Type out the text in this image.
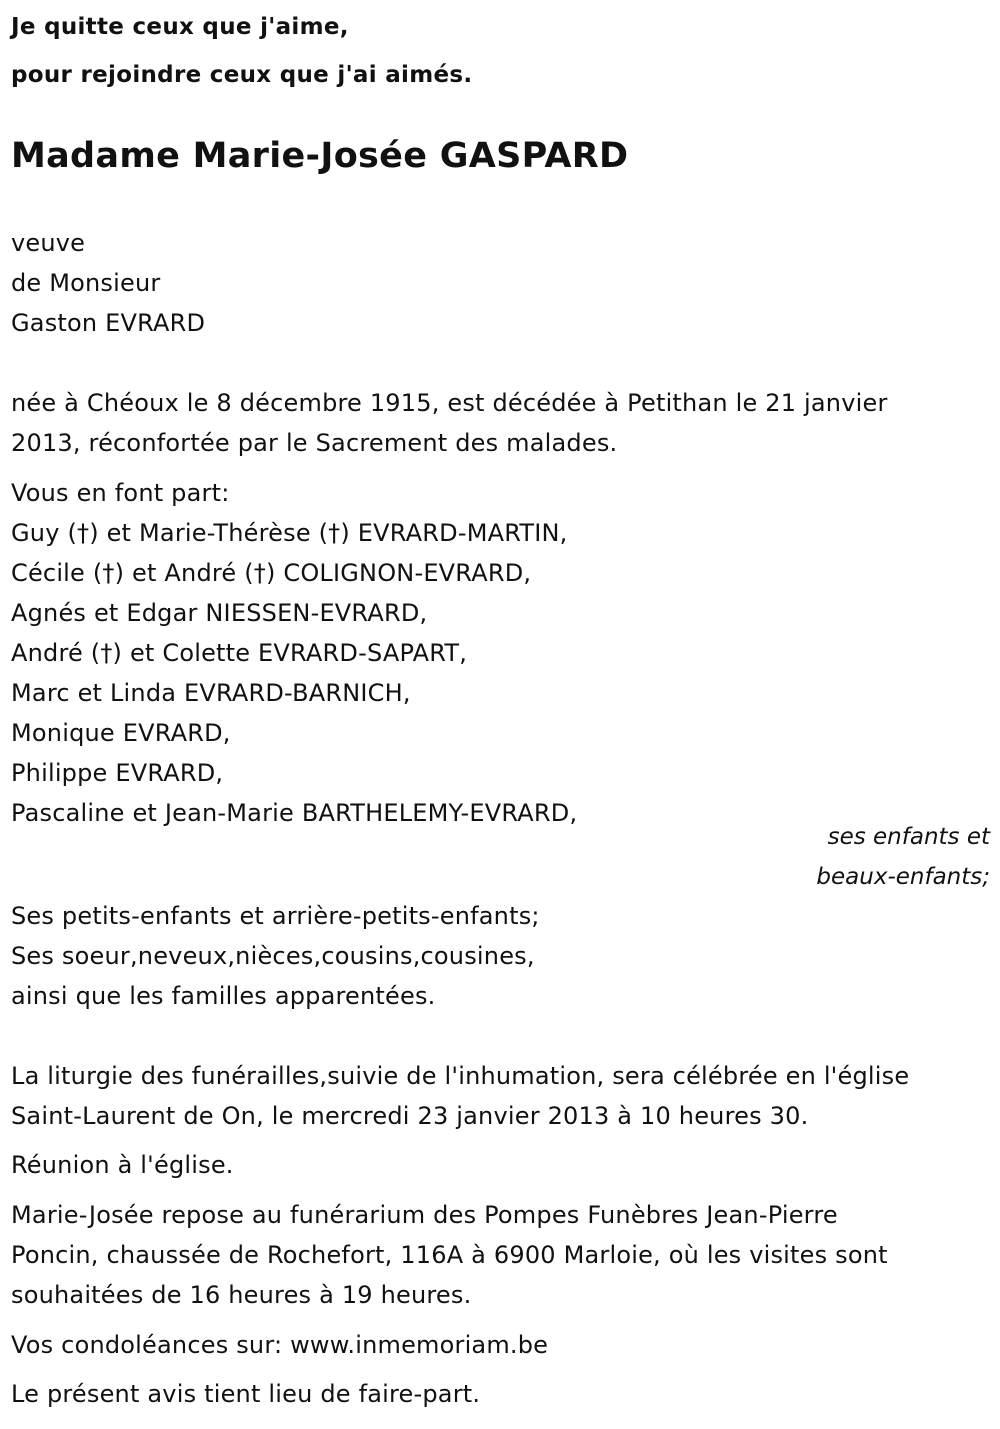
Je quitte ceux que j'aime,
pour rejoindre ceux que j'ai aimés.
Madame Marie-Josée GASPARD
veuve
de Monsieur
Gaston EVRARD
née à Chéoux le 8 décembre 1915, est décédée à Petithan le 21 janvier
2013, réconfortée par le Sacrement des malades.
Vous en font part:
Guy (†) et Marie-Thérèse (†) EVRARD-MARTIN,
Cécile (†) et André (†) COLIGNON-EVRARD,
Agnés et Edgar NIESSEN-EVRARD,
André (†) et Colette EVRARD-SAPART,
Marc et Linda EVRARD-BARNICH,
Monique EVRARD,
Philippe EVRARD,
Pascaline et Jean-Marie BARTHELEMY-EVRARD,
ses enfants et
beaux-enfants;
Ses petits-enfants et arrière-petits-enfants;
Ses soeur,neveux,nièces,cousins,cousines,
ainsi que les familles apparentées.
La liturgie des funérailles,suivie de l'inhumation, sera célébrée en l'église
Saint-Laurent de On, le mercredi 23 janvier 2013 à 10 heures 30.
Réunion à l'église.
Marie-Josée repose au funérarium des Pompes Funèbres Jean-Pierre
Poncin, chaussée de Rochefort, 116A à 6900 Marloie, où les visites sont
souhaitées de 16 heures à 19 heures.
Vos condoléances sur: www.inmemoriam.be
Le présent avis tient lieu de faire-part.
